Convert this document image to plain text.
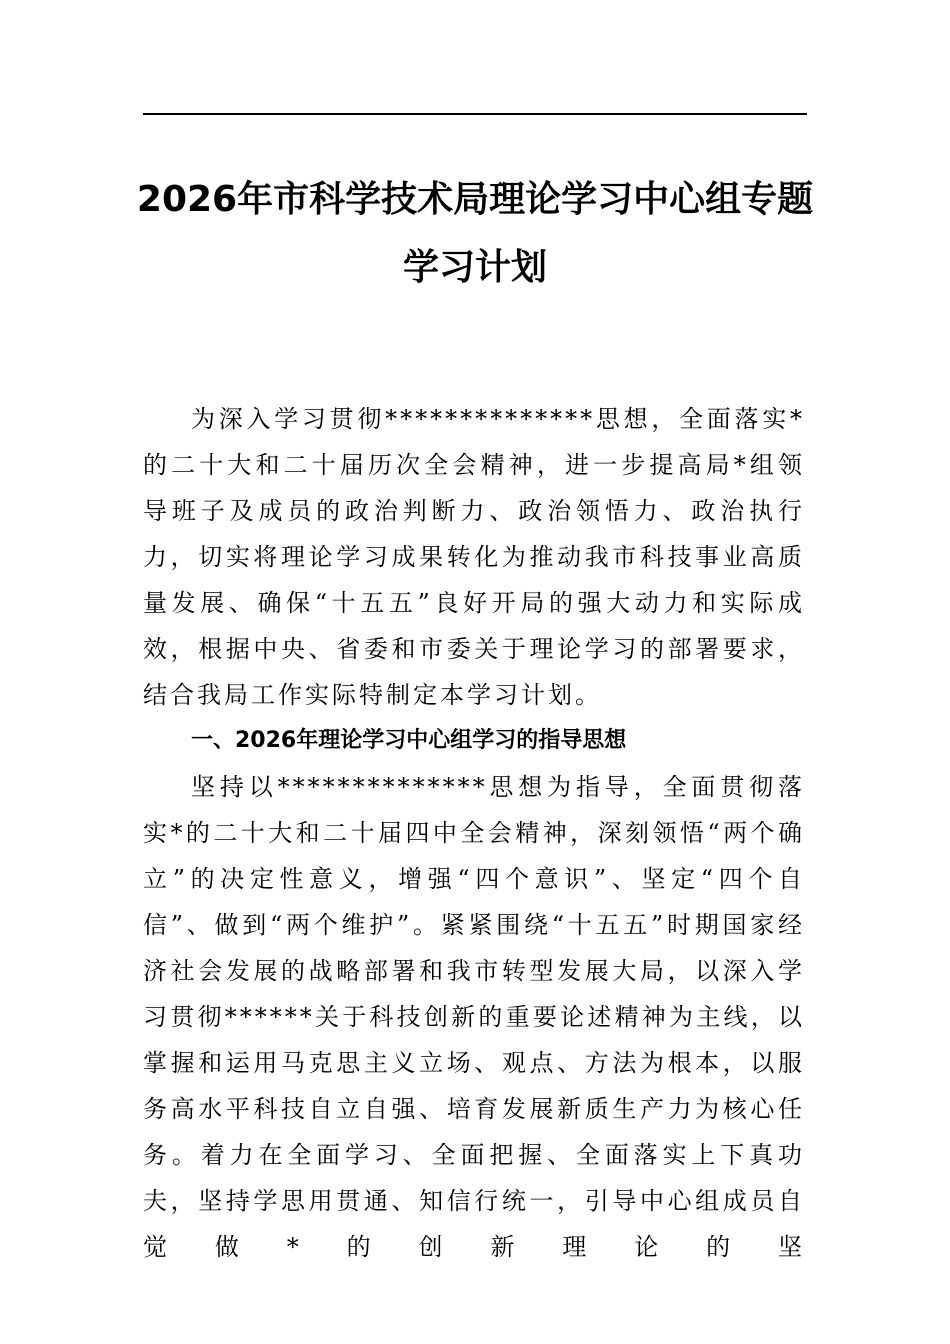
2026年市科学技术局理论学习中心组专题
学习计划

为深入学习贯彻**************思想，全面落实*的二十大和二十届历次全会精神，进一步提高局*组领导班子及成员的政治判断力、政治领悟力、政治执行力，切实将理论学习成果转化为推动我市科技事业高质量发展、确保“十五五”良好开局的强大动力和实际成效，根据中央、省委和市委关于理论学习的部署要求，结合我局工作实际特制定本学习计划。

一、2026年理论学习中心组学习的指导思想

坚持以**************思想为指导，全面贯彻落实*的二十大和二十届四中全会精神，深刻领悟“两个确立”的决定性意义，增强“四个意识”、坚定“四个自信”、做到“两个维护”。紧紧围绕“十五五”时期国家经济社会发展的战略部署和我市转型发展大局，以深入学习贯彻******关于科技创新的重要论述精神为主线，以掌握和运用马克思主义立场、观点、方法为根本，以服务高水平科技自立自强、培育发展新质生产力为核心任务。着力在全面学习、全面把握、全面落实上下真功夫，坚持学思用贯通、知信行统一，引导中心组成员自觉做*的创新理论的坚
